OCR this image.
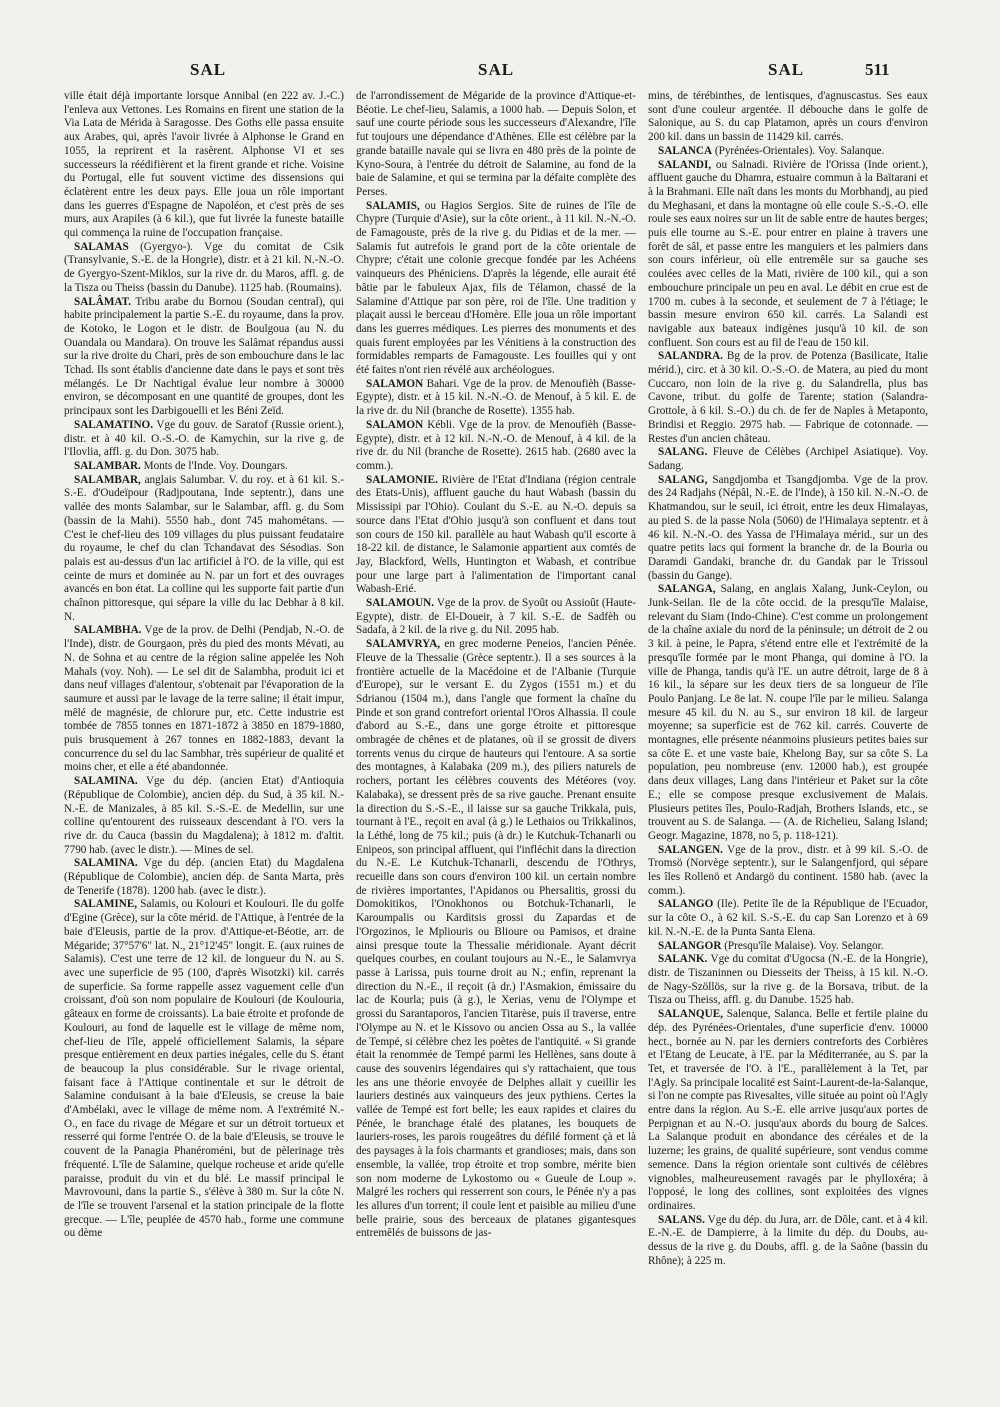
SAL	SAL	SAL	511

ville était déjà importante lorsque Annibal (en 222 av. J.-C.) l'enleva aux Vettones. Les Romains en firent une station de la Via Lata de Mérida à Saragosse. Des Goths elle passa ensuite aux Arabes, qui, après l'avoir livrée à Alphonse le Grand en 1055, la reprirent et la rasèrent. Alphonse VI et ses successeurs la réédifièrent et la firent grande et riche. Voisine du Portugal, elle fut souvent victime des dissensions qui éclatèrent entre les deux pays. Elle joua un rôle important dans les guerres d'Espagne de Napoléon, et c'est près de ses murs, aux Arapiles (à 6 kil.), que fut livrée la funeste bataille qui commença la ruine de l'occupation française.

SALAMAS (Gyergyo-). Vge du comitat de Csik (Transylvanie, S.-E. de la Hongrie), distr. et à 21 kil. N.-N.-O. de Gyergyo-Szent-Miklos, sur la rive dr. du Maros, affl. g. de la Tisza ou Theiss (bassin du Danube). 1125 hab. (Roumains).

SALÂMAT. Tribu arabe du Bornou (Soudan central), qui habite principalement la partie S.-E. du royaume, dans la prov. de Kotoko, le Logon et le distr. de Boulgoua (au N. du Ouandala ou Mandara). On trouve les Salâmat répandus aussi sur la rive droite du Chari, près de son embouchure dans le lac Tchad. Ils sont établis d'ancienne date dans le pays et sont très mélangés. Le Dr Nachtigal évalue leur nombre à 30000 environ, se décomposant en une quantité de groupes, dont les principaux sont les Darbigouelli et les Béni Zeïd.

SALAMATINO. Vge du gouv. de Saratof (Russie orient.), distr. et à 40 kil. O.-S.-O. de Kamychin, sur la rive g. de l'Ilovlia, affl. g. du Don. 3075 hab.

SALAMBAR. Monts de l'Inde. Voy. Doungars.

SALAMBAR, anglais Salumbar. V. du roy. et à 61 kil. S.-S.-E. d'Oudeïpour (Radjpoutana, Inde septentr.), dans une vallée des monts Salambar, sur le Salambar, affl. g. du Som (bassin de la Mahi). 5550 hab., dont 745 mahométans. — C'est le chef-lieu des 109 villages du plus puissant feudataire du royaume, le chef du clan Tchandavat des Sésodias. Son palais est au-dessus d'un lac artificiel à l'O. de la ville, qui est ceinte de murs et dominée au N. par un fort et des ouvrages avancés en bon état. La colline qui les supporte fait partie d'un chaînon pittoresque, qui sépare la ville du lac Debhar à 8 kil. N.

SALAMBHA. Vge de la prov. de Delhi (Pendjab, N.-O. de l'Inde), distr. de Gourgaon, près du pied des monts Mévati, au N. de Sohna et au centre de la région saline appelée les Noh Mahals (voy. Noh). — Le sel dit de Salambha, produit ici et dans neuf villages d'alentour, s'obtenait par l'évaporation de la saumure et aussi par le lavage de la terre saline; il était impur, mêlé de magnésie, de chlorure pur, etc. Cette industrie est tombée de 7855 tonnes en 1871-1872 à 3850 en 1879-1880, puis brusquement à 267 tonnes en 1882-1883, devant la concurrence du sel du lac Sambhar, très supérieur de qualité et moins cher, et elle a été abandonnée.

SALAMINA. Vge du dép. (ancien Etat) d'Antioquia (République de Colombie), ancien dép. du Sud, à 35 kil. N.-N.-E. de Manizales, à 85 kil. S.-S.-E. de Medellin, sur une colline qu'entourent des ruisseaux descendant à l'O. vers la rive dr. du Cauca (bassin du Magdalena); à 1812 m. d'altit. 7790 hab. (avec le distr.). — Mines de sel.

SALAMINA. Vge du dép. (ancien Etat) du Magdalena (République de Colombie), ancien dép. de Santa Marta, près de Tenerife (1878). 1200 hab. (avec le distr.).

SALAMINE, Salamis, ou Kolouri et Koulouri. Ile du golfe d'Egine (Grèce), sur la côte mérid. de l'Attique, à l'entrée de la baie d'Eleusis, partie de la prov. d'Attique-et-Béotie, arr. de Mégaride; 37°57'6" lat. N., 21°12'45" longit. E. (aux ruines de Salamis). C'est une terre de 12 kil. de longueur du N. au S. avec une superficie de 95 (100, d'après Wisotzki) kil. carrés de superficie. Sa forme rappelle assez vaguement celle d'un croissant, d'où son nom populaire de Koulouri (de Koulouria, gâteaux en forme de croissants). La baie étroite et profonde de Koulouri, au fond de laquelle est le village de même nom, chef-lieu de l'île, appelé officiellement Salamis, la sépare presque entièrement en deux parties inégales, celle du S. étant de beaucoup la plus considérable. Sur le rivage oriental, faisant face à l'Attique continentale et sur le détroit de Salamine conduisant à la baie d'Eleusis, se creuse la baie d'Ambélaki, avec le village de même nom. A l'extrémité N.-O., en face du rivage de Mégare et sur un détroit tortueux et resserré qui forme l'entrée O. de la baie d'Eleusis, se trouve le couvent de la Panagia Phanéroméni, but de pèlerinage très fréquenté. L'île de Salamine, quelque rocheuse et aride qu'elle paraisse, produit du vin et du blé. Le massif principal le Mavrovouni, dans la partie S., s'élève à 380 m. Sur la côte N. de l'île se trouvent l'arsenal et la station principale de la flotte grecque. — L'île, peuplée de 4570 hab., forme une commune ou dème

de l'arrondissement de Mégaride de la province d'Attique-et-Béotie. Le chef-lieu, Salamis, a 1000 hab. — Depuis Solon, et sauf une courte période sous les successeurs d'Alexandre, l'île fut toujours une dépendance d'Athènes. Elle est célèbre par la grande bataille navale qui se livra en 480 près de la pointe de Kyno-Soura, à l'entrée du détroit de Salamine, au fond de la baie de Salamine, et qui se termina par la défaite complète des Perses.

SALAMIS, ou Hagios Sergios. Site de ruines de l'île de Chypre (Turquie d'Asie), sur la côte orient., à 11 kil. N.-N.-O. de Famagouste, près de la rive g. du Pidias et de la mer. — Salamis fut autrefois le grand port de la côte orientale de Chypre; c'était une colonie grecque fondée par les Achéens vainqueurs des Phéniciens. D'après la légende, elle aurait été bâtie par le fabuleux Ajax, fils de Télamon, chassé de la Salamine d'Attique par son père, roi de l'île. Une tradition y plaçait aussi le berceau d'Homère. Elle joua un rôle important dans les guerres médiques. Les pierres des monuments et des quais furent employées par les Vénitiens à la construction des formidables remparts de Famagouste. Les fouilles qui y ont été faites n'ont rien révélé aux archéologues.

SALAMON Bahari. Vge de la prov. de Menoufièh (Basse-Egypte), distr. et à 15 kil. N.-N.-O. de Menouf, à 5 kil. E. de la rive dr. du Nil (branche de Rosette). 1355 hab.

SALAMON Kébli. Vge de la prov. de Menoufièh (Basse-Egypte), distr. et à 12 kil. N.-N.-O. de Menouf, à 4 kil. de la rive dr. du Nil (branche de Rosette). 2615 hab. (2680 avec la comm.).

SALAMONIE. Rivière de l'Etat d'Indiana (région centrale des Etats-Unis), affluent gauche du haut Wabash (bassin du Mississipi par l'Ohio). Coulant du S.-E. au N.-O. depuis sa source dans l'Etat d'Ohio jusqu'à son confluent et dans tout son cours de 150 kil. parallèle au haut Wabash qu'il escorte à 18-22 kil. de distance, le Salamonie appartient aux comtés de Jay, Blackford, Wells, Huntington et Wabash, et contribue pour une large part à l'alimentation de l'important canal Wabash-Erié.

SALAMOUN. Vge de la prov. de Syoût ou Assioût (Haute-Egypte), distr. de El-Doueir, à 7 kil. S.-E. de Sadfèh ou Sadafa, à 2 kil. de la rive g. du Nil. 2095 hab.

SALAMVRYA, en grec moderne Peneios, l'ancien Pénée. Fleuve de la Thessalie (Grèce septentr.). Il a ses sources à la frontière actuelle de la Macédoine et de l'Albanie (Turquie d'Europe), sur le versant E. du Zygos (1551 m.) et du Sdrianou (1504 m.), dans l'angle que forment la chaîne du Pinde et son grand contrefort oriental l'Oros Alhassia. Il coule d'abord au S.-E., dans une gorge étroite et pittoresque ombragée de chênes et de platanes, où il se grossit de divers torrents venus du cirque de hauteurs qui l'entoure. A sa sortie des montagnes, à Kalabaka (209 m.), des piliers naturels de rochers, portant les célèbres couvents des Météores (voy. Kalabaka), se dressent près de sa rive gauche. Prenant ensuite la direction du S.-S.-E., il laisse sur sa gauche Trikkala, puis, tournant à l'E., reçoit en aval (à g.) le Lethaios ou Trikkalinos, la Léthé, long de 75 kil.; puis (à dr.) le Kutchuk-Tchanarli ou Enipeos, son principal affluent, qui l'infléchit dans la direction du N.-E. Le Kutchuk-Tchanarli, descendu de l'Othrys, recueille dans son cours d'environ 100 kil. un certain nombre de rivières importantes, l'Apidanos ou Phersalitis, grossi du Domokitikos, l'Onokhonos ou Botchuk-Tchanarli, le Karoumpalis ou Karditsis grossi du Zapardas et de l'Orgozinos, le Mpliouris ou Blioure ou Pamisos, et draine ainsi presque toute la Thessalie méridionale. Ayant décrit quelques courbes, en coulant toujours au N.-E., le Salamvrya passe à Larissa, puis tourne droit au N.; enfin, reprenant la direction du N.-E., il reçoit (à dr.) l'Asmakion, émissaire du lac de Kourla; puis (à g.), le Xerias, venu de l'Olympe et grossi du Sarantaporos, l'ancien Titarèse, puis il traverse, entre l'Olympe au N. et le Kissovo ou ancien Ossa au S., la vallée de Tempé, si célèbre chez les poètes de l'antiquité. « Si grande était la renommée de Tempé parmi les Hellènes, sans doute à cause des souvenirs légendaires qui s'y rattachaient, que tous les ans une théorie envoyée de Delphes allait y cueillir les lauriers destinés aux vainqueurs des jeux pythiens. Certes la vallée de Tempé est fort belle; les eaux rapides et claires du Pénée, le branchage étalé des platanes, les bouquets de lauriers-roses, les parois rougeâtres du défilé forment çà et là des paysages à la fois charmants et grandioses; mais, dans son ensemble, la vallée, trop étroite et trop sombre, mérite bien son nom moderne de Lykostomo ou « Gueule de Loup ». Malgré les rochers qui resserrent son cours, le Pénée n'y a pas les allures d'un torrent; il coule lent et paisible au milieu d'une belle prairie, sous des berceaux de platanes gigantesques entremêlés de buissons de jas-

mins, de térébinthes, de lentisques, d'agnuscastus. Ses eaux sont d'une couleur argentée. Il débouche dans le golfe de Salonique, au S. du cap Platamon, après un cours d'environ 200 kil. dans un bassin de 11429 kil. carrés.

SALANCA (Pyrénées-Orientales). Voy. Salanque.

SALANDI, ou Salnadi. Rivière de l'Orissa (Inde orient.), affluent gauche du Dhamra, estuaire commun à la Baïtarani et à la Brahmani. Elle naît dans les monts du Morbhandj, au pied du Meghasani, et dans la montagne où elle coule S.-S.-O. elle roule ses eaux noires sur un lit de sable entre de hautes berges; puis elle tourne au S.-E. pour entrer en plaine à travers une forêt de sâl, et passe entre les manguiers et les palmiers dans son cours inférieur, où elle entremêle sur sa gauche ses coulées avec celles de la Mati, rivière de 100 kil., qui a son embouchure principale un peu en aval. Le débit en crue est de 1700 m. cubes à la seconde, et seulement de 7 à l'étiage; le bassin mesure environ 650 kil. carrés. La Salandi est navigable aux bateaux indigènes jusqu'à 10 kil. de son confluent. Son cours est au fil de l'eau de 150 kil.

SALANDRA. Bg de la prov. de Potenza (Basilicate, Italie mérid.), circ. et à 30 kil. O.-S.-O. de Matera, au pied du mont Cuccaro, non loin de la rive g. du Salandrella, plus bas Cavone, tribut. du golfe de Tarente; station (Salandra-Grottole, à 6 kil. S.-O.) du ch. de fer de Naples à Metaponto, Brindisi et Reggio. 2975 hab. — Fabrique de cotonnade. — Restes d'un ancien château.

SALANG. Fleuve de Célèbes (Archipel Asiatique). Voy. Sadang.

SALANG, Sangdjomba et Tsangdjomba. Vge de la prov. des 24 Radjahs (Népâl, N.-E. de l'Inde), à 150 kil. N.-N.-O. de Khatmandou, sur le seuil, ici étroit, entre les deux Himalayas, au pied S. de la passe Nola (5060) de l'Himalaya septentr. et à 46 kil. N.-N.-O. des Yassa de l'Himalaya mérid., sur un des quatre petits lacs qui forment la branche dr. de la Bouria ou Daramdi Gandaki, branche dr. du Gandak par le Trissoul (bassin du Gange).

SALANGA, Salang, en anglais Xalang, Junk-Ceylon, ou Junk-Seilan. Ile de la côte occid. de la presqu'île Malaise, relevant du Siam (Indo-Chine). C'est comme un prolongement de la chaîne axiale du nord de la péninsule; un détroit de 2 ou 3 kil. à peine, le Papra, s'étend entre elle et l'extrémité de la presqu'île formée par le mont Phanga, qui domine à l'O. la ville de Phanga, tandis qu'à l'E. un autre détroit, large de 8 à 16 kil., la sépare sur les deux tiers de sa longueur de l'île Poulo Panjang. Le 8e lat. N. coupe l'île par le milieu. Salanga mesure 45 kil. du N. au S., sur environ 18 kil. de largeur moyenne; sa superficie est de 762 kil. carrés. Couverte de montagnes, elle présente néanmoins plusieurs petites baies sur sa côte E. et une vaste baie, Khelong Bay, sur sa côte S. La population, peu nombreuse (env. 12000 hab.), est groupée dans deux villages, Lang dans l'intérieur et Paket sur la côte E.; elle se compose presque exclusivement de Malais. Plusieurs petites îles, Poulo-Radjah, Brothers Islands, etc., se trouvent au S. de Salanga. — (A. de Richelieu, Salang Island; Geogr. Magazine, 1878, no 5, p. 118-121).

SALANGEN. Vge de la prov., distr. et à 99 kil. S.-O. de Tromsö (Norvège septentr.), sur le Salangenfjord, qui sépare les îles Rollenö et Andargö du continent. 1580 hab. (avec la comm.).

SALANGO (Ile). Petite île de la République de l'Ecuador, sur la côte O., à 62 kil. S.-S.-E. du cap San Lorenzo et à 69 kil. N.-N.-E. de la Punta Santa Elena.

SALANGOR (Presqu'île Malaise). Voy. Selangor.

SALANK. Vge du comitat d'Ugocsa (N.-E. de la Hongrie), distr. de Tiszaninnen ou Diesseits der Theiss, à 15 kil. N.-O. de Nagy-Szöllös, sur la rive g. de la Borsava, tribut. de la Tisza ou Theiss, affl. g. du Danube. 1525 hab.

SALANQUE, Salenque, Salanca. Belle et fertile plaine du dép. des Pyrénées-Orientales, d'une superficie d'env. 10000 hect., bornée au N. par les derniers contreforts des Corbières et l'Etang de Leucate, à l'E. par la Méditerranée, au S. par la Tet, et traversée de l'O. à l'E., parallèlement à la Tet, par l'Agly. Sa principale localité est Saint-Laurent-de-la-Salanque, si l'on ne compte pas Rivesaltes, ville située au point où l'Agly entre dans la région. Au S.-E. elle arrive jusqu'aux portes de Perpignan et au N.-O. jusqu'aux abords du bourg de Salces. La Salanque produit en abondance des céréales et de la luzerne; les grains, de qualité supérieure, sont vendus comme semence. Dans la région orientale sont cultivés de célèbres vignobles, malheureusement ravagés par le phylloxéra; à l'opposé, le long des collines, sont exploitées des vignes ordinaires.

SALANS. Vge du dép. du Jura, arr. de Dôle, cant. et à 4 kil. E.-N.-E. de Dampierre, à la limite du dép. du Doubs, au-dessus de la rive g. du Doubs, affl. g. de la Saône (bassin du Rhône); à 225 m.
